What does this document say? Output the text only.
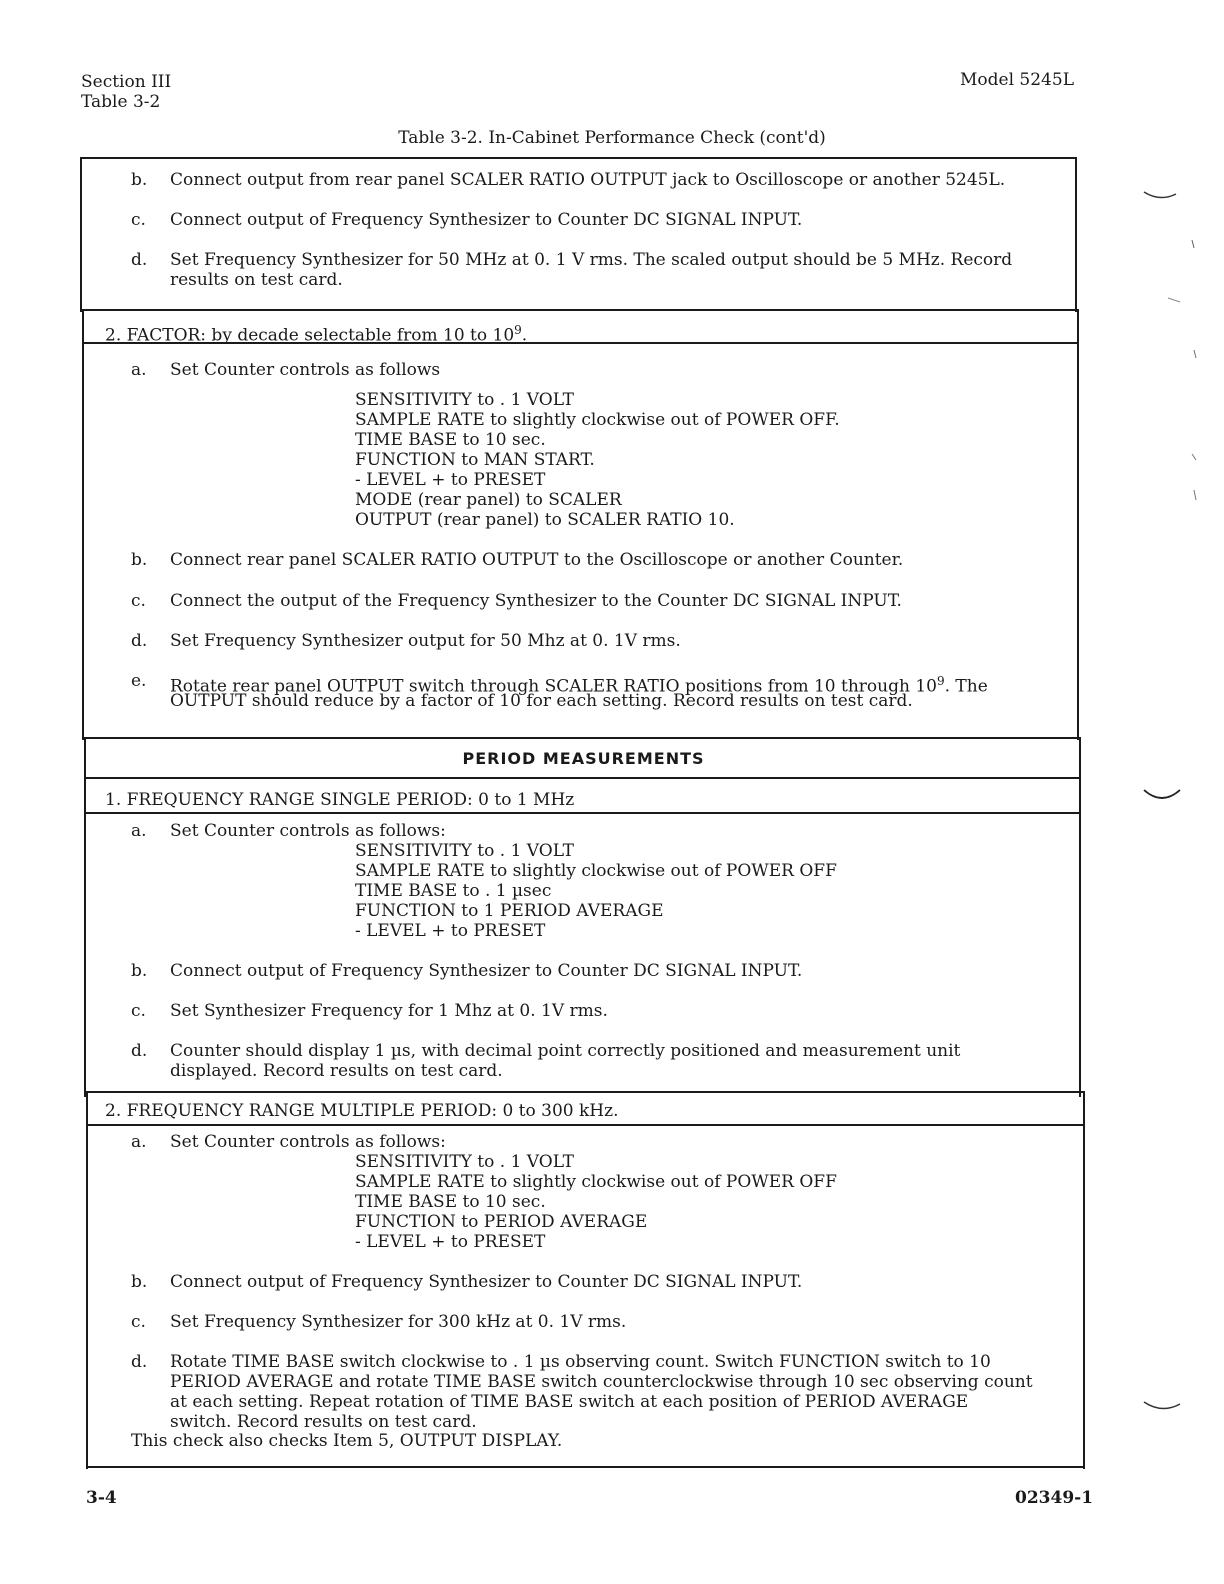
Section III
Table 3-2
Model 5245L
Table 3-2. In-Cabinet Performance Check (cont'd)
b. Connect output from rear panel SCALER RATIO OUTPUT jack to Oscilloscope or another 5245L.
c. Connect output of Frequency Synthesizer to Counter DC SIGNAL INPUT.
d. Set Frequency Synthesizer for 50 MHz at 0. 1 V rms. The scaled output should be 5 MHz. Record
results on test card.
2. FACTOR: by decade selectable from 10 to $10^9$.
a. Set Counter controls as follows
SENSITIVITY to . 1 VOLT
SAMPLE RATE to slightly clockwise out of POWER OFF.
TIME BASE to 10 sec.
FUNCTION to MAN START.
- LEVEL + to PRESET
MODE (rear panel) to SCALER
OUTPUT (rear panel) to SCALER RATIO 10.
b. Connect rear panel SCALER RATIO OUTPUT to the Oscilloscope or another Counter.
c. Connect the output of the Frequency Synthesizer to the Counter DC SIGNAL INPUT.
d. Set Frequency Synthesizer output for 50 Mhz at 0. 1V rms.
e. Rotate rear panel OUTPUT switch through SCALER RATIO positions from 10 through $10^9$. The
OUTPUT should reduce by a factor of 10 for each setting. Record results on test card.
PERIOD MEASUREMENTS
1. FREQUENCY RANGE SINGLE PERIOD: 0 to 1 MHz
a. Set Counter controls as follows:
SENSITIVITY to . 1 VOLT
SAMPLE RATE to slightly clockwise out of POWER OFF
TIME BASE to . 1 µsec
FUNCTION to 1 PERIOD AVERAGE
- LEVEL + to PRESET
b. Connect output of Frequency Synthesizer to Counter DC SIGNAL INPUT.
c. Set Synthesizer Frequency for 1 Mhz at 0. 1V rms.
d. Counter should display 1 µs, with decimal point correctly positioned and measurement unit
displayed. Record results on test card.
2. FREQUENCY RANGE MULTIPLE PERIOD: 0 to 300 kHz.
a. Set Counter controls as follows:
SENSITIVITY to . 1 VOLT
SAMPLE RATE to slightly clockwise out of POWER OFF
TIME BASE to 10 sec.
FUNCTION to PERIOD AVERAGE
- LEVEL + to PRESET
b. Connect output of Frequency Synthesizer to Counter DC SIGNAL INPUT.
c. Set Frequency Synthesizer for 300 kHz at 0. 1V rms.
d. Rotate TIME BASE switch clockwise to . 1 µs observing count. Switch FUNCTION switch to 10
PERIOD AVERAGE and rotate TIME BASE switch counterclockwise through 10 sec observing count
at each setting. Repeat rotation of TIME BASE switch at each position of PERIOD AVERAGE
switch. Record results on test card.
This check also checks Item 5, OUTPUT DISPLAY.
3-4	02349-1
